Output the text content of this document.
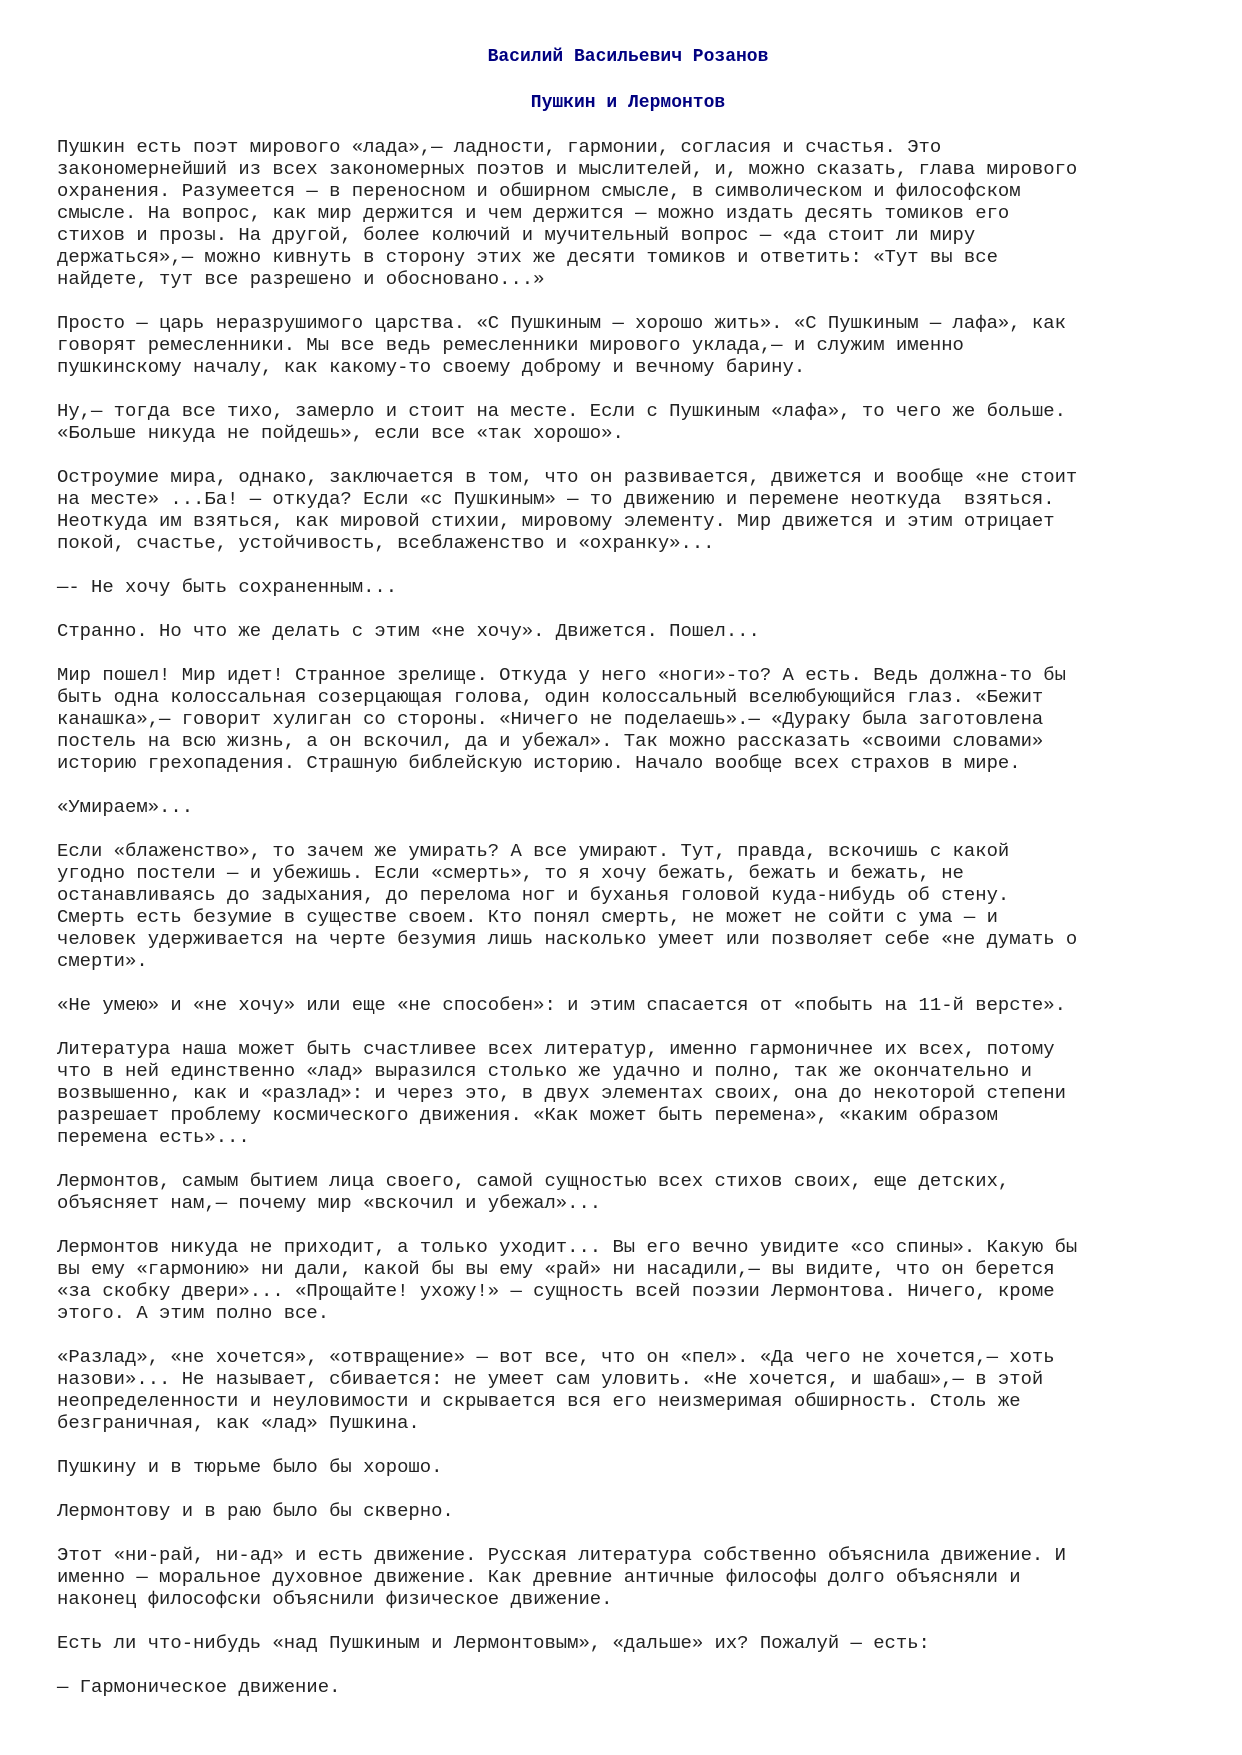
Василий Васильевич Розанов
Пушкин и Лермонтов
Пушкин есть поэт мирового «лада»,— ладности, гармонии, согласия и счастья. Это
закономернейший из всех закономерных поэтов и мыслителей, и, можно сказать, глава мирового
охранения. Разумеется — в переносном и обширном смысле, в символическом и философском
смысле. На вопрос, как мир держится и чем держится — можно издать десять томиков его
стихов и прозы. На другой, более колючий и мучительный вопрос — «да стоит ли миру
держаться»,— можно кивнуть в сторону этих же десяти томиков и ответить: «Тут вы все
найдете, тут все разрешено и обосновано...»
Просто — царь неразрушимого царства. «С Пушкиным — хорошо жить». «С Пушкиным — лафа», как
говорят ремесленники. Мы все ведь ремесленники мирового уклада,— и служим именно
пушкинскому началу, как какому-то своему доброму и вечному барину.
Ну,— тогда все тихо, замерло и стоит на месте. Если с Пушкиным «лафа», то чего же больше.
«Больше никуда не пойдешь», если все «так хорошо».
Остроумие мира, однако, заключается в том, что он развивается, движется и вообще «не стоит
на месте» ...Ба! — откуда? Если «с Пушкиным» — то движению и перемене неоткуда  взяться.
Неоткуда им взяться, как мировой стихии, мировому элементу. Мир движется и этим отрицает
покой, счастье, устойчивость, всеблаженство и «охранку»...
—- Не хочу быть сохраненным...
Странно. Но что же делать с этим «не хочу». Движется. Пошел...
Мир пошел! Мир идет! Странное зрелище. Откуда у него «ноги»-то? А есть. Ведь должна-то бы
быть одна колоссальная созерцающая голова, один колоссальный вселюбующийся глаз. «Бежит
канашка»,— говорит хулиган со стороны. «Ничего не поделаешь».— «Дураку была заготовлена
постель на всю жизнь, а он вскочил, да и убежал». Так можно рассказать «своими словами»
историю грехопадения. Страшную библейскую историю. Начало вообще всех страхов в мире.
«Умираем»...
Если «блаженство», то зачем же умирать? А все умирают. Тут, правда, вскочишь с какой
угодно постели — и убежишь. Если «смерть», то я хочу бежать, бежать и бежать, не
останавливаясь до задыхания, до перелома ног и буханья головой куда-нибудь об стену.
Смерть есть безумие в существе своем. Кто понял смерть, не может не сойти с ума — и
человек удерживается на черте безумия лишь насколько умеет или позволяет себе «не думать о
смерти».
«Не умею» и «не хочу» или еще «не способен»: и этим спасается от «побыть на 11-й версте».
Литература наша может быть счастливее всех литератур, именно гармоничнее их всех, потому
что в ней единственно «лад» выразился столько же удачно и полно, так же окончательно и
возвышенно, как и «разлад»: и через это, в двух элементах своих, она до некоторой степени
разрешает проблему космического движения. «Как может быть перемена», «каким образом
перемена есть»...
Лермонтов, самым бытием лица своего, самой сущностью всех стихов своих, еще детских,
объясняет нам,— почему мир «вскочил и убежал»...
Лермонтов никуда не приходит, а только уходит... Вы его вечно увидите «со спины». Какую бы
вы ему «гармонию» ни дали, какой бы вы ему «рай» ни насадили,— вы видите, что он берется
«за скобку двери»... «Прощайте! ухожу!» — сущность всей поэзии Лермонтова. Ничего, кроме
этого. А этим полно все.
«Разлад», «не хочется», «отвращение» — вот все, что он «пел». «Да чего не хочется,— хоть
назови»... Не называет, сбивается: не умеет сам уловить. «Не хочется, и шабаш»,— в этой
неопределенности и неуловимости и скрывается вся его неизмеримая обширность. Столь же
безграничная, как «лад» Пушкина.
Пушкину и в тюрьме было бы хорошо.
Лермонтову и в раю было бы скверно.
Этот «ни-рай, ни-ад» и есть движение. Русская литература собственно объяснила движение. И
именно — моральное духовное движение. Как древние античные философы долго объясняли и
наконец философски объяснили физическое движение.
Есть ли что-нибудь «над Пушкиным и Лермонтовым», «дальше» их? Пожалуй — есть:
— Гармоническое движение.
